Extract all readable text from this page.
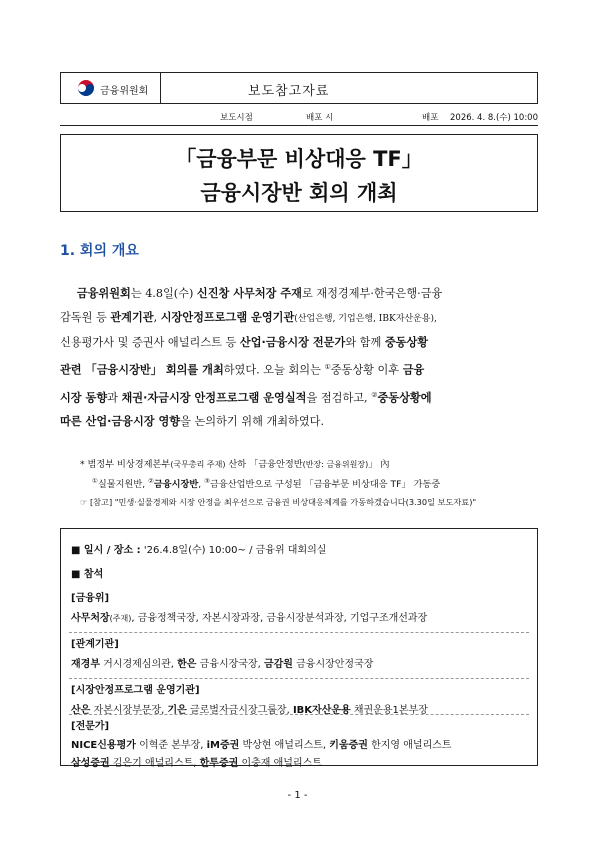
금융위원회	보도참고자료
보도시점	배포 시	배포 2026. 4. 8.(수) 10:00
「금융부문 비상대응 TF」
금융시장반 회의 개최
1. 회의 개요
  금융위원회는 4.8일(수) 신진창 사무처장 주재로 재정경제부·한국은행·금융
감독원 등 관계기관, 시장안정프로그램 운영기관(산업은행, 기업은행, IBK자산운용),
신용평가사 및 증권사 애널리스트 등 산업·금융시장 전문가와 함께 중동상황
관련 「금융시장반」 회의를 개최하였다. 오늘 회의는 ①중동상황 이후 금융
시장 동향과 채권·자금시장 안정프로그램 운영실적을 점검하고, ②중동상황에
따른 산업·금융시장 영향을 논의하기 위해 개최하였다.
* 범정부 비상경제본부(국무총리 주재) 산하 「금융안정반(반장: 금융위원장)」 內
①실물지원반, ②금융시장반, ③금융산업반으로 구성된 「금융부문 비상대응 TF」 가동중
☞ [참고] "민생·실물경제와 시장 안정을 최우선으로 금융권 비상대응체계를 가동하겠습니다(3.30일 보도자료)"
■ 일시 / 장소 : '26.4.8일(수) 10:00~ / 금융위 대회의실
■ 참석
[금융위]
사무처장(주재), 금융정책국장, 자본시장과장, 금융시장분석과장, 기업구조개선과장
[관계기관]
재경부 거시경제심의관, 한은 금융시장국장, 금감원 금융시장안정국장
[시장안정프로그램 운영기관]
산은 자본시장부문장, 기은 글로벌자금시장그룹장, IBK자산운용 채권운용1본부장
[전문가]
NICE신용평가 이혁준 본부장, iM증권 박상현 애널리스트, 키움증권 한지영 애널리스트
삼성증권 김은기 애널리스트, 한투증권 이충재 애널리스트
- 1 -
